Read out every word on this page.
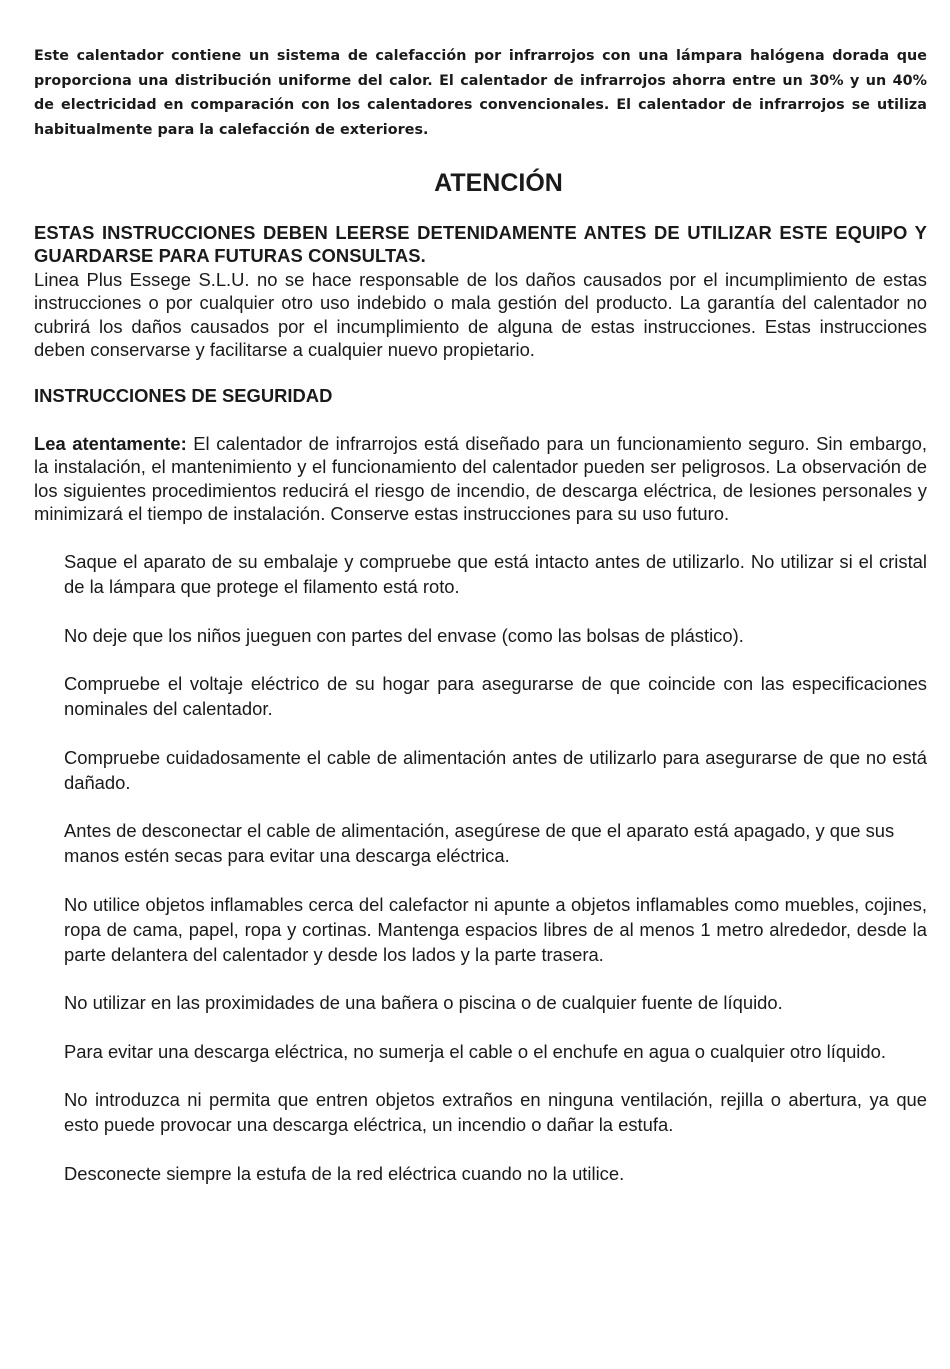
Este calentador contiene un sistema de calefacción por infrarrojos con una lámpara halógena dorada que proporciona una distribución uniforme del calor. El calentador de infrarrojos ahorra entre un 30% y un 40% de electricidad en comparación con los calentadores convencionales. El calentador de infrarrojos se utiliza habitualmente para la calefacción de exteriores.

ATENCIÓN

ESTAS INSTRUCCIONES DEBEN LEERSE DETENIDAMENTE ANTES DE UTILIZAR ESTE EQUIPO Y GUARDARSE PARA FUTURAS CONSULTAS.

Linea Plus Essege S.L.U. no se hace responsable de los daños causados por el incumplimiento de estas instrucciones o por cualquier otro uso indebido o mala gestión del producto. La garantía del calentador no cubrirá los daños causados por el incumplimiento de alguna de estas instrucciones. Estas instrucciones deben conservarse y facilitarse a cualquier nuevo propietario.

INSTRUCCIONES DE SEGURIDAD

Lea atentamente: El calentador de infrarrojos está diseñado para un funcionamiento seguro. Sin embargo, la instalación, el mantenimiento y el funcionamiento del calentador pueden ser peligrosos. La observación de los siguientes procedimientos reducirá el riesgo de incendio, de descarga eléctrica, de lesiones personales y minimizará el tiempo de instalación. Conserve estas instrucciones para su uso futuro.

Saque el aparato de su embalaje y compruebe que está intacto antes de utilizarlo. No utilizar si el cristal de la lámpara que protege el filamento está roto.
No deje que los niños jueguen con partes del envase (como las bolsas de plástico).
Compruebe el voltaje eléctrico de su hogar para asegurarse de que coincide con las especificaciones nominales del calentador.
Compruebe cuidadosamente el cable de alimentación antes de utilizarlo para asegurarse de que no está dañado.
Antes de desconectar el cable de alimentación, asegúrese de que el aparato está apagado, y que sus manos estén secas para evitar una descarga eléctrica.
No utilice objetos inflamables cerca del calefactor ni apunte a objetos inflamables como muebles, cojines, ropa de cama, papel, ropa y cortinas. Mantenga espacios libres de al menos 1 metro alrededor, desde la parte delantera del calentador y desde los lados y la parte trasera.
No utilizar en las proximidades de una bañera o piscina o de cualquier fuente de líquido.
Para evitar una descarga eléctrica, no sumerja el cable o el enchufe en agua o cualquier otro líquido.
No introduzca ni permita que entren objetos extraños en ninguna ventilación, rejilla o abertura, ya que esto puede provocar una descarga eléctrica, un incendio o dañar la estufa.
Desconecte siempre la estufa de la red eléctrica cuando no la utilice.
